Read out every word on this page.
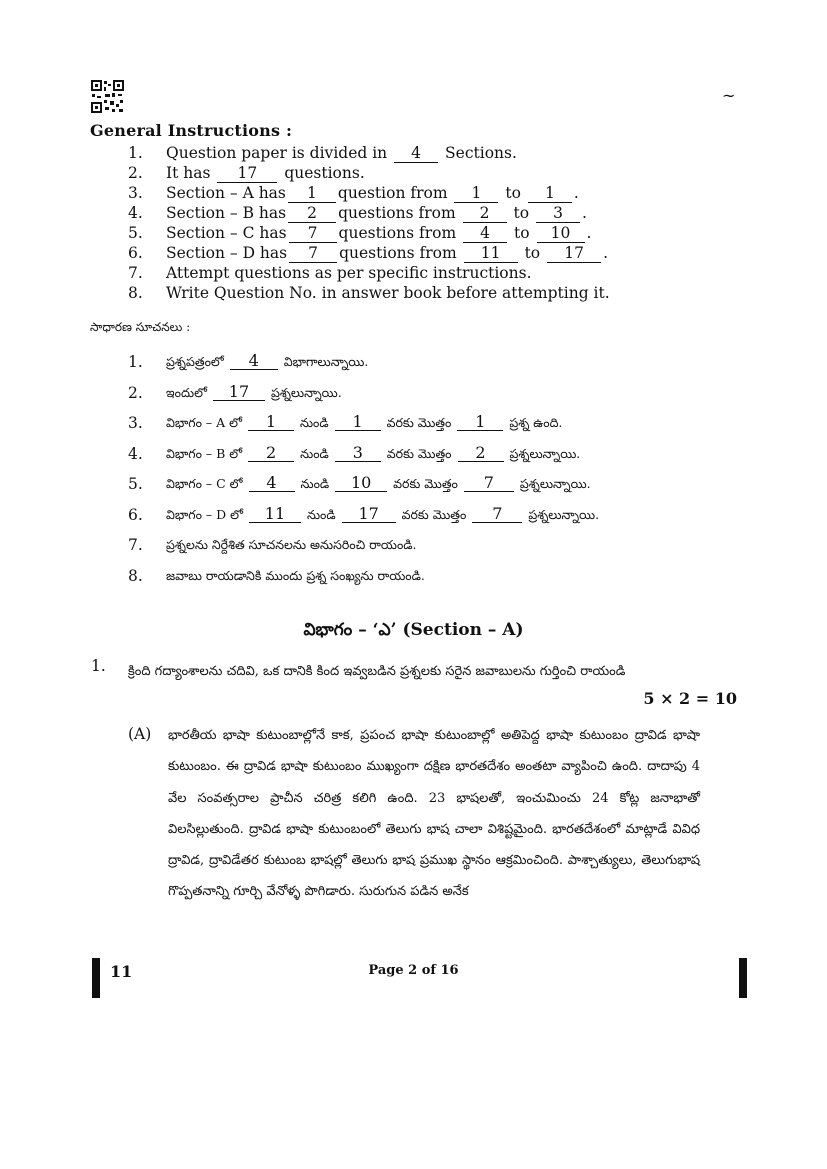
~
General Instructions :
1.	Question paper is divided in 4 Sections.
2.	It has 17 questions.
3.	Section – A has 1 question from 1 to 1 .
4.	Section – B has 2 questions from 2 to 3 .
5.	Section – C has 7 questions from 4 to 10 .
6.	Section – D has 7 questions from 11 to 17 .
7.	Attempt questions as per specific instructions.
8.	Write Question No. in answer book before attempting it.
సాధారణ సూచనలు :
1.	ప్రశ్నపత్రంలో 4 విభాగాలున్నాయి.
2.	ఇందులో 17 ప్రశ్నలున్నాయి.
3.	విభాగం – A లో 1 నుండి 1 వరకు మొత్తం 1 ప్రశ్న ఉంది.
4.	విభాగం – B లో 2 నుండి 3 వరకు మొత్తం 2 ప్రశ్నలున్నాయి.
5.	విభాగం – C లో 4 నుండి 10 వరకు మొత్తం 7 ప్రశ్నలున్నాయి.
6.	విభాగం – D లో 11 నుండి 17 వరకు మొత్తం 7 ప్రశ్నలున్నాయి.
7.	ప్రశ్నలను నిర్దేశిత సూచనలను అనుసరించి రాయండి.
8.	జవాబు రాయడానికి ముందు ప్రశ్న సంఖ్యను రాయండి.
విభాగం – ‘ఎ’ (Section – A)
1. క్రింది గద్యాంశాలను చదివి, ఒక దానికి కింద ఇవ్వబడిన ప్రశ్నలకు సరైన జవాబులను గుర్తించి రాయండి
5 × 2 = 10
(A) భారతీయ భాషా కుటుంబాల్లోనే కాక, ప్రపంచ భాషా కుటుంబాల్లో అతిపెద్ద భాషా కుటుంబం ద్రావిడ భాషా కుటుంబం. ఈ ద్రావిడ భాషా కుటుంబం ముఖ్యంగా దక్షిణ భారతదేశం అంతటా వ్యాపించి ఉంది. దాదాపు 4 వేల సంవత్సరాల ప్రాచీన చరిత్ర కలిగి ఉంది. 23 భాషలతో, ఇంచుమించు 24 కోట్ల జనాభాతో విలసిల్లుతుంది. ద్రావిడ భాషా కుటుంబంలో తెలుగు భాష చాలా విశిష్టమైంది. భారతదేశంలో మాట్లాడే వివిధ ద్రావిడ, ద్రావిడేతర కుటుంబ భాషల్లో తెలుగు భాష ప్రముఖ స్థానం ఆక్రమించింది. పాశ్చాత్యులు, తెలుగుభాష గొప్పతనాన్ని గూర్చి వేనోళ్ళ పొగిడారు. సురుగున పడిన అనేక
11	Page 2 of 16
